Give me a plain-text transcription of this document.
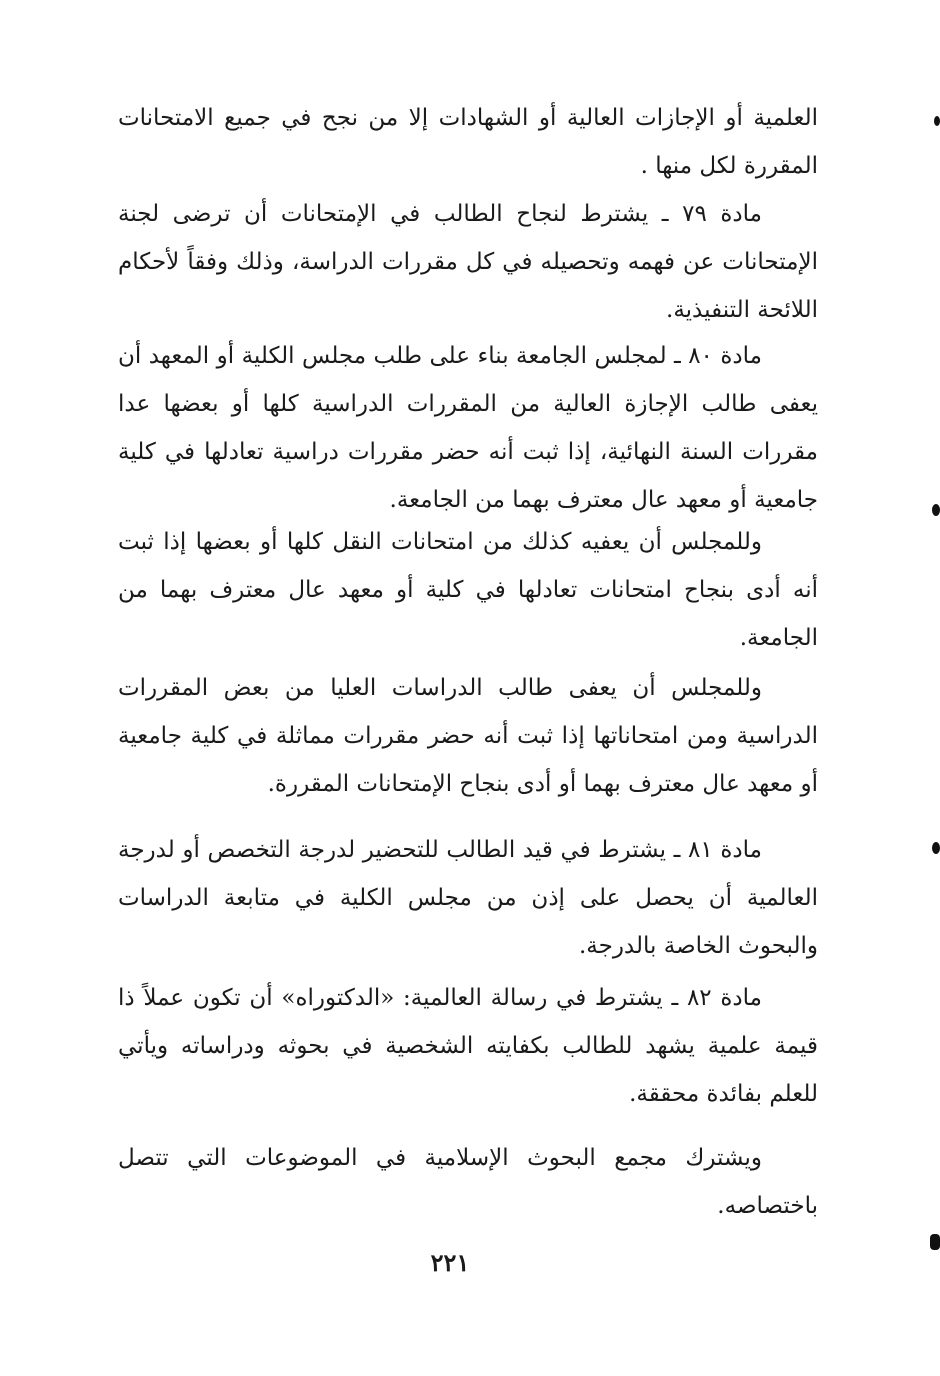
العلمية أو الإجازات العالية أو الشهادات إلا من نجح في جميع الامتحانات المقررة لكل منها .

مادة ٧٩ ـ يشترط لنجاح الطالب في الإمتحانات أن ترضى لجنة الإمتحانات عن فهمه وتحصيله في كل مقررات الدراسة، وذلك وفقاً لأحكام اللائحة التنفيذية.

مادة ٨٠ ـ لمجلس الجامعة بناء على طلب مجلس الكلية أو المعهد أن يعفى طالب الإجازة العالية من المقررات الدراسية كلها أو بعضها عدا مقررات السنة النهائية، إذا ثبت أنه حضر مقررات دراسية تعادلها في كلية جامعية أو معهد عال معترف بهما من الجامعة.

وللمجلس أن يعفيه كذلك من امتحانات النقل كلها أو بعضها إذا ثبت أنه أدى بنجاح امتحانات تعادلها في كلية أو معهد عال معترف بهما من الجامعة.

وللمجلس أن يعفى طالب الدراسات العليا من بعض المقررات الدراسية ومن امتحاناتها إذا ثبت أنه حضر مقررات مماثلة في كلية جامعية أو معهد عال معترف بهما أو أدى بنجاح الإمتحانات المقررة.

مادة ٨١ ـ يشترط في قيد الطالب للتحضير لدرجة التخصص أو لدرجة العالمية أن يحصل على إذن من مجلس الكلية في متابعة الدراسات والبحوث الخاصة بالدرجة.

مادة ٨٢ ـ يشترط في رسالة العالمية: «الدكتوراه» أن تكون عملاً ذا قيمة علمية يشهد للطالب بكفايته الشخصية في بحوثه ودراساته ويأتي للعلم بفائدة محققة.

ويشترك مجمع البحوث الإسلامية في الموضوعات التي تتصل باختصاصه.

٢٢١
